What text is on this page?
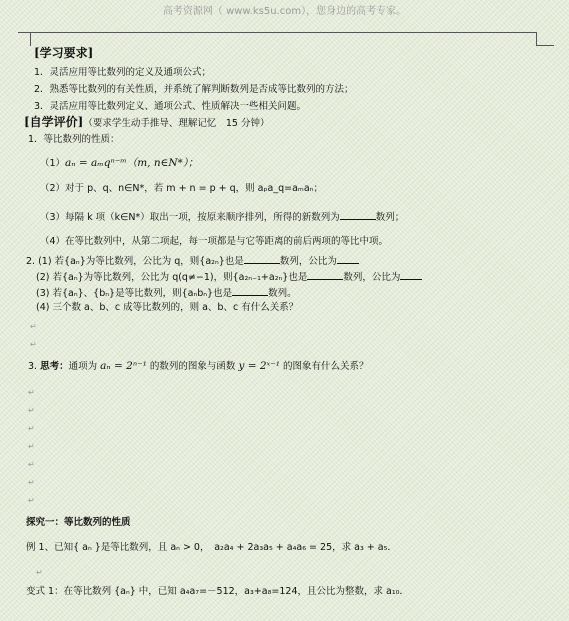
高考资源网（ www.ks5u.com），您身边的高考专家。
[学习要求]
1．灵活应用等比数列的定义及通项公式；
2．熟悉等比数列的有关性质，并系统了解判断数列是否成等比数列的方法；
3．灵活应用等比数列定义、通项公式、性质解决一些相关问题。
[自学评价]（要求学生动手推导、理解记忆　15 分钟）
1．等比数列的性质：
（1）aₙ = aₘqⁿ⁻ᵐ（m, n∈N*）；
（2）对于 p、q、n∈N*，若 m + n = p + q，则 aₚa_q=aₘaₙ；
（3）每隔 k 项（k∈N*）取出一项，按原来顺序排列，所得的新数列为	数列；
（4）在等比数列中，从第二项起，每一项都是与它等距离的前后两项的等比中项。
2. (1) 若{aₙ}为等比数列，公比为 q，则{a₂ₙ}也是	数列，公比为
(2) 若{aₙ}为等比数列，公比为 q(q≠−1)，则{a₂ₙ₋₁+a₂ₙ}也是	数列，公比为
(3) 若{aₙ}、{bₙ}是等比数列，则{aₙbₙ}也是	数列。
(4) 三个数 a、b、c 成等比数列的，则 a、b、c 有什么关系？
3. 思考：通项为 aₙ = 2ⁿ⁻¹ 的数列的图象与函数 y = 2ˣ⁻¹ 的图象有什么关系？
探究一：等比数列的性质
例 1、已知{ aₙ }是等比数列，且 aₙ > 0，　a₂a₄ + 2a₃a₅ + a₄a₆ = 25，求 a₃ + a₅．
变式 1：在等比数列 {aₙ} 中，已知 a₄a₇=－512，a₃+a₈=124，且公比为整数，求 a₁₀．
↵
↵
↵
↵
↵
↵
↵
↵
↵
↵
